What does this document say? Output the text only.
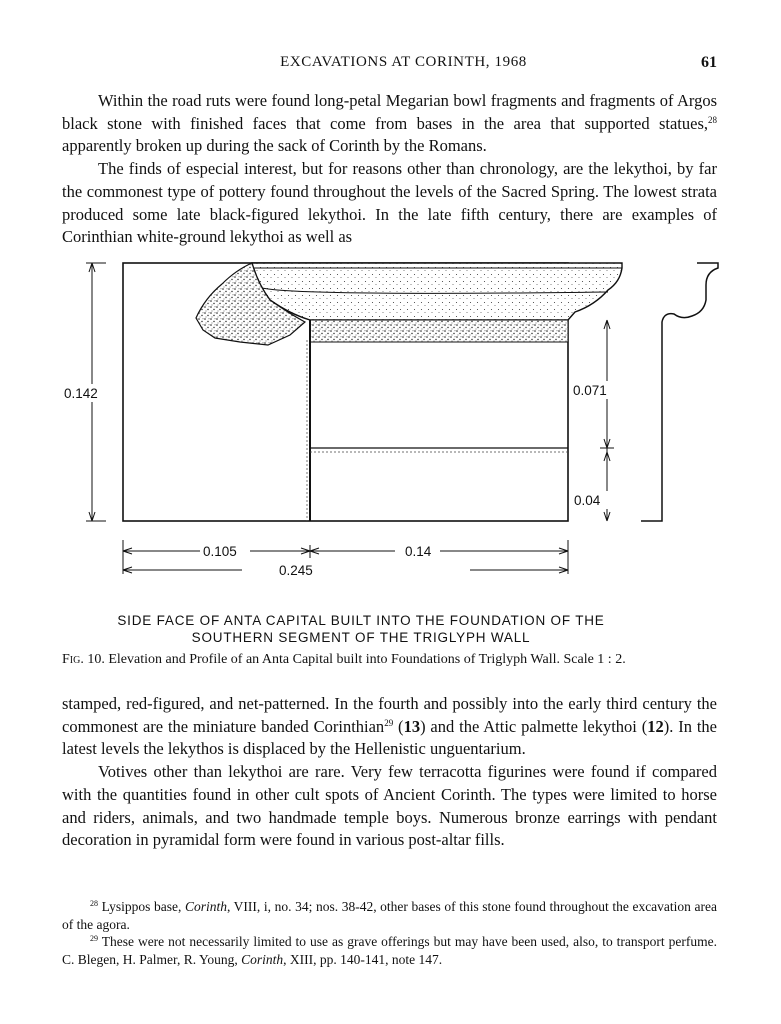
EXCAVATIONS AT CORINTH, 1968	61

Within the road ruts were found long-petal Megarian bowl fragments and fragments of Argos black stone with finished faces that come from bases in the area that supported statues,$^{28}$ apparently broken up during the sack of Corinth by the Romans.

The finds of especial interest, but for reasons other than chronology, are the lekythoi, by far the commonest type of pottery found throughout the levels of the Sacred Spring. The lowest strata produced some late black-figured lekythoi. In the late fifth century, there are examples of Corinthian white-ground lekythoi as well as

0.142	0.071
0.04
0.105	0.14
0.245
SIDE FACE OF ANTA CAPITAL BUILT INTO THE FOUNDATION OF THE
SOUTHERN SEGMENT OF THE TRIGLYPH WALL
Fig. 10. Elevation and Profile of an Anta Capital built into Foundations of Triglyph Wall. Scale 1 : 2.

stamped, red-figured, and net-patterned. In the fourth and possibly into the early third century the commonest are the miniature banded Corinthian$^{29}$ (13) and the Attic palmette lekythoi (12). In the latest levels the lekythos is displaced by the Hellenistic unguentarium.

Votives other than lekythoi are rare. Very few terracotta figurines were found if compared with the quantities found in other cult spots of Ancient Corinth. The types were limited to horse and riders, animals, and two handmade temple boys. Numerous bronze earrings with pendant decoration in pyramidal form were found in various post-altar fills.

$^{28}$ Lysippos base, Corinth, VIII, i, no. 34; nos. 38-42, other bases of this stone found throughout the excavation area of the agora.

$^{29}$ These were not necessarily limited to use as grave offerings but may have been used, also, to transport perfume. C. Blegen, H. Palmer, R. Young, Corinth, XIII, pp. 140-141, note 147.
